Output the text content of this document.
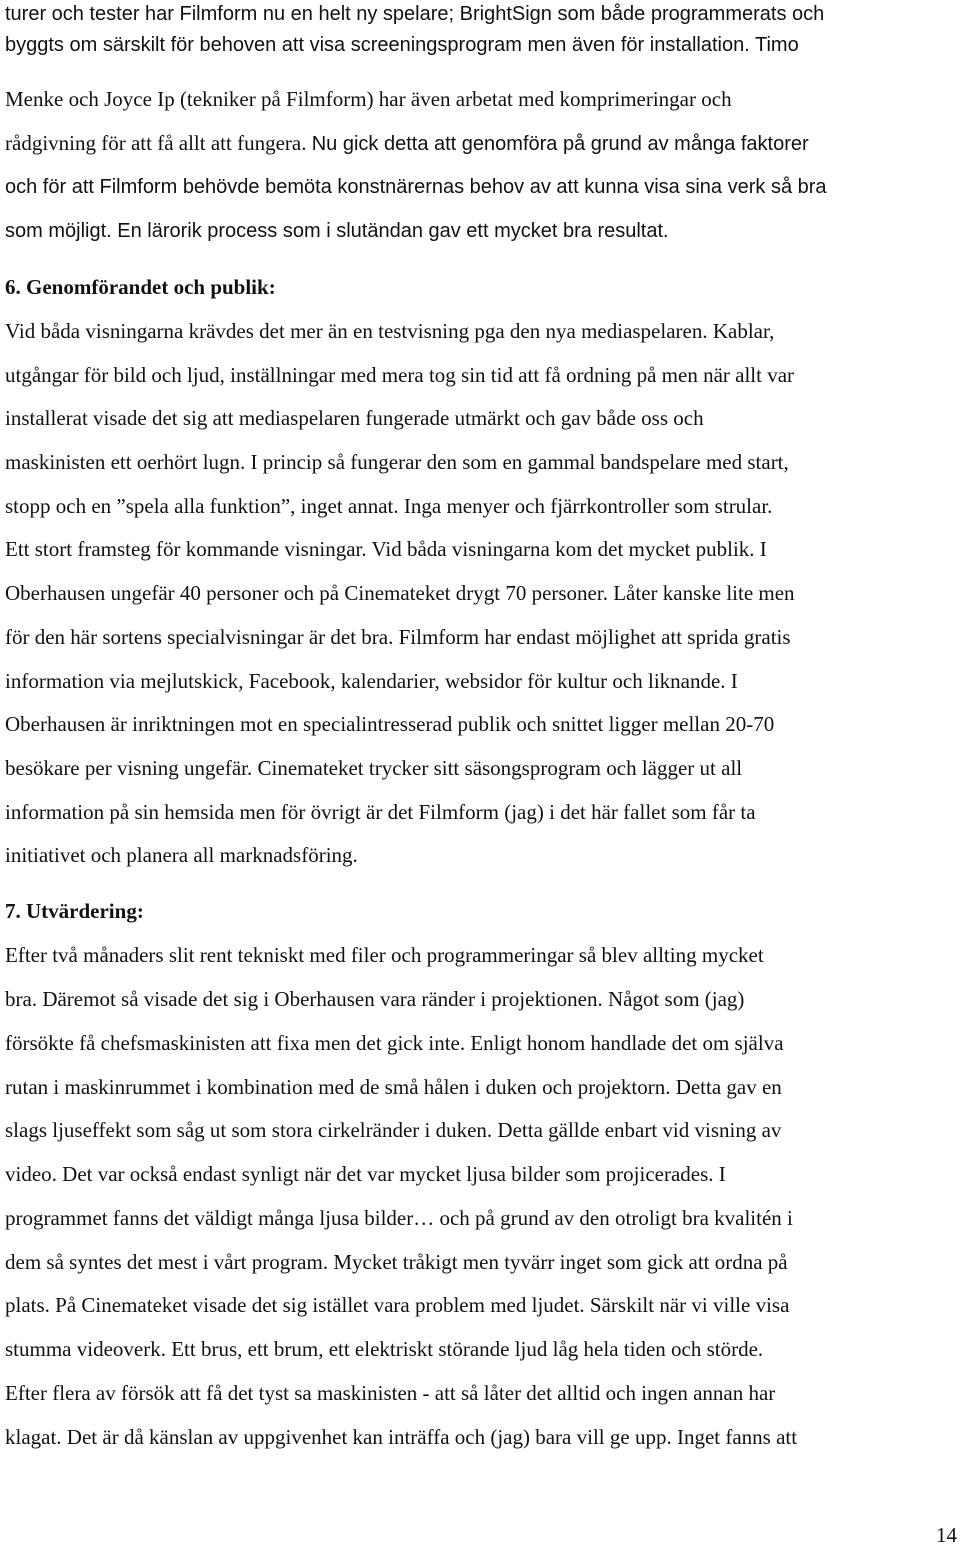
turer och tester har Filmform nu en helt ny spelare; BrightSign som både programmerats och
byggts om särskilt för behoven att visa screeningsprogram men även för installation. Timo
Menke och Joyce Ip (tekniker på Filmform) har även arbetat med komprimeringar och
rådgivning för att få allt att fungera. Nu gick detta att genomföra på grund av många faktorer
och för att Filmform behövde bemöta konstnärernas behov av att kunna visa sina verk så bra
som möjligt. En lärorik process som i slutändan gav ett mycket bra resultat.
6. Genomförandet och publik:
Vid båda visningarna krävdes det mer än en testvisning pga den nya mediaspelaren. Kablar,
utgångar för bild och ljud, inställningar med mera tog sin tid att få ordning på men när allt var
installerat visade det sig att mediaspelaren fungerade utmärkt och gav både oss och
maskinisten ett oerhört lugn. I princip så fungerar den som en gammal bandspelare med start,
stopp och en ”spela alla funktion”, inget annat. Inga menyer och fjärrkontroller som strular.
Ett stort framsteg för kommande visningar. Vid båda visningarna kom det mycket publik. I
Oberhausen ungefär 40 personer och på Cinemateket drygt 70 personer. Låter kanske lite men
för den här sortens specialvisningar är det bra. Filmform har endast möjlighet att sprida gratis
information via mejlutskick, Facebook, kalendarier, websidor för kultur och liknande. I
Oberhausen är inriktningen mot en specialintresserad publik och snittet ligger mellan 20-70
besökare per visning ungefär. Cinemateket trycker sitt säsongsprogram och lägger ut all
information på sin hemsida men för övrigt är det Filmform (jag) i det här fallet som får ta
initiativet och planera all marknadsföring.
7. Utvärdering:
Efter två månaders slit rent tekniskt med filer och programmeringar så blev allting mycket
bra. Däremot så visade det sig i Oberhausen vara ränder i projektionen. Något som (jag)
försökte få chefsmaskinisten att fixa men det gick inte. Enligt honom handlade det om själva
rutan i maskinrummet i kombination med de små hålen i duken och projektorn. Detta gav en
slags ljuseffekt som såg ut som stora cirkelränder i duken. Detta gällde enbart vid visning av
video. Det var också endast synligt när det var mycket ljusa bilder som projicerades. I
programmet fanns det väldigt många ljusa bilder… och på grund av den otroligt bra kvalitén i
dem så syntes det mest i vårt program. Mycket tråkigt men tyvärr inget som gick att ordna på
plats. På Cinemateket visade det sig istället vara problem med ljudet. Särskilt när vi ville visa
stumma videoverk. Ett brus, ett brum, ett elektriskt störande ljud låg hela tiden och störde.
Efter flera av försök att få det tyst sa maskinisten - att så låter det alltid och ingen annan har
klagat. Det är då känslan av uppgivenhet kan inträffa och (jag) bara vill ge upp. Inget fanns att
14
